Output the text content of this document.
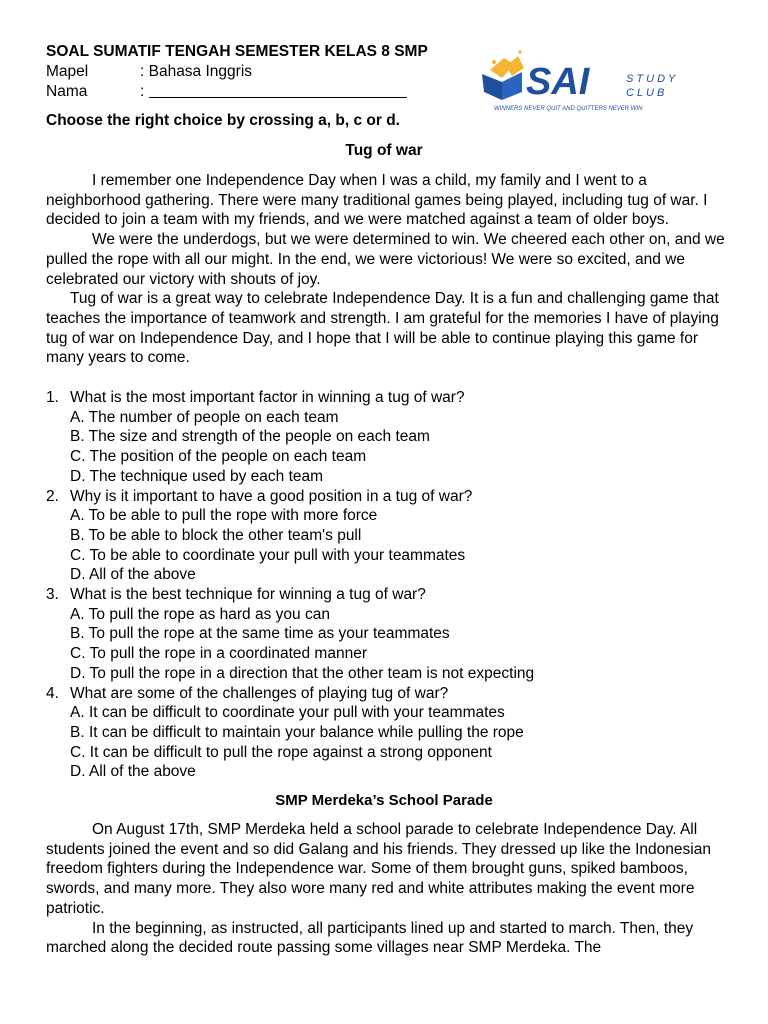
SOAL SUMATIF TENGAH SEMESTER KELAS 8 SMP
Mapel	: Bahasa Inggris
Nama	:
	SAI	S T U D Y
C L U B
WINNERS NEVER QUIT AND QUITTERS NEVER WIN
Choose the right choice by crossing a, b, c or d.
Tug of war

I remember one Independence Day when I was a child, my family and I went to a neighborhood gathering. There were many traditional games being played, including tug of war. I decided to join a team with my friends, and we were matched against a team of older boys.

We were the underdogs, but we were determined to win. We cheered each other on, and we pulled the rope with all our might. In the end, we were victorious! We were so excited, and we celebrated our victory with shouts of joy.

Tug of war is a great way to celebrate Independence Day. It is a fun and challenging game that teaches the importance of teamwork and strength. I am grateful for the memories I have of playing tug of war on Independence Day, and I hope that I will be able to continue playing this game for many years to come.

1. What is the most important factor in winning a tug of war?
A. The number of people on each team
B. The size and strength of the people on each team
C. The position of the people on each team
D. The technique used by each team
2. Why is it important to have a good position in a tug of war?
A. To be able to pull the rope with more force
B. To be able to block the other team's pull
C. To be able to coordinate your pull with your teammates
D. All of the above
3. What is the best technique for winning a tug of war?
A. To pull the rope as hard as you can
B. To pull the rope at the same time as your teammates
C. To pull the rope in a coordinated manner
D. To pull the rope in a direction that the other team is not expecting
4. What are some of the challenges of playing tug of war?
A. It can be difficult to coordinate your pull with your teammates
B. It can be difficult to maintain your balance while pulling the rope
C. It can be difficult to pull the rope against a strong opponent
D. All of the above
SMP Merdeka’s School Parade

On August 17th, SMP Merdeka held a school parade to celebrate Independence Day. All students joined the event and so did Galang and his friends. They dressed up like the Indonesian freedom fighters during the Independence war. Some of them brought guns, spiked bamboos, swords, and many more. They also wore many red and white attributes making the event more patriotic.

In the beginning, as instructed, all participants lined up and started to march. Then, they marched along the decided route passing some villages near SMP Merdeka. The
